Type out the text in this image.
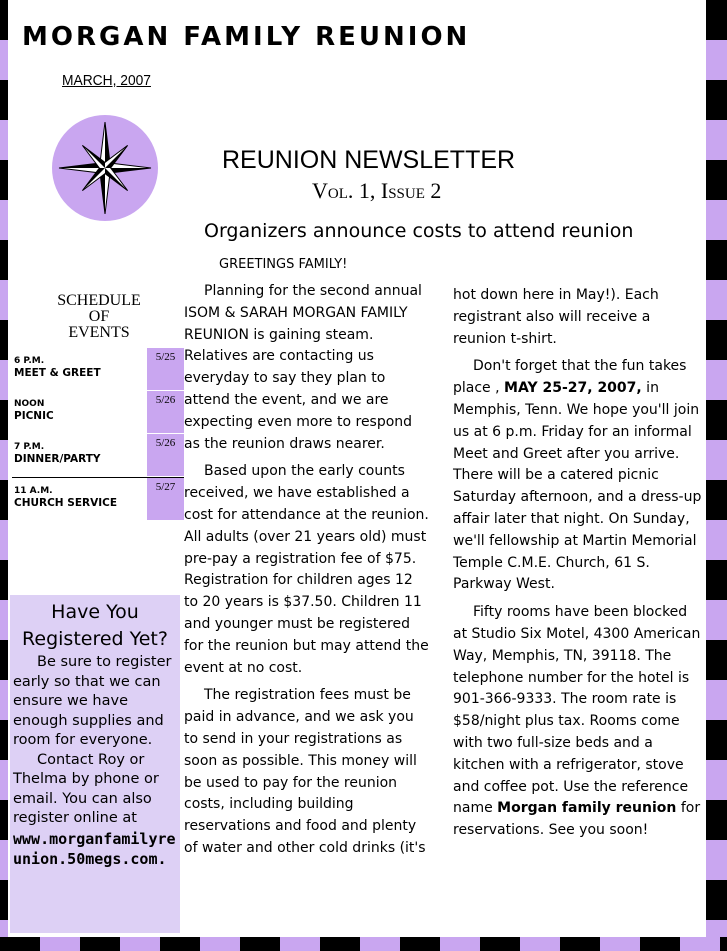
MORGAN FAMILY REUNION
MARCH, 2007
REUNION NEWSLETTER
Vol. 1, Issue 2
Organizers announce costs to attend reunion
GREETINGS FAMILY!
SCHEDULE
OF
EVENTS
6 P.M.
MEET & GREET
5/25
NOON
PICNIC
5/26
7 P.M.
DINNER/PARTY
5/26
11 A.M.
CHURCH SERVICE
5/27
Have You
Registered Yet?

Be sure to register early so that we can ensure we have enough supplies and room for everyone.

Contact Roy or Thelma by phone or email. You can also register online at

www.morganfamilyreunion.50megs.com.

Planning for the second annual ISOM & SARAH MORGAN FAMILY REUNION is gaining steam. Relatives are contacting us everyday to say they plan to attend the event, and we are expecting even more to respond as the reunion draws nearer.

Based upon the early counts received, we have established a cost for attendance at the reunion. All adults (over 21 years old) must pre-pay a registration fee of $75. Registration for children ages 12 to 20 years is $37.50. Children 11 and younger must be registered for the reunion but may attend the event at no cost.

The registration fees must be paid in advance, and we ask you to send in your registrations as soon as possible. This money will be used to pay for the reunion costs, including building reservations and food and plenty of water and other cold drinks (it's

hot down here in May!). Each registrant also will receive a reunion t-shirt.

Don't forget that the fun takes place , MAY 25-27, 2007, in Memphis, Tenn. We hope you'll join us at 6 p.m. Friday for an informal Meet and Greet after you arrive. There will be a catered picnic Saturday afternoon, and a dress-up affair later that night. On Sunday, we'll fellowship at Martin Memorial Temple C.M.E. Church, 61 S. Parkway West.

Fifty rooms have been blocked at Studio Six Motel, 4300 American Way, Memphis, TN, 39118. The telephone number for the hotel is 901-366-9333. The room rate is $58/night plus tax. Rooms come with two full-size beds and a kitchen with a refrigerator, stove and coffee pot. Use the reference name Morgan family reunion for reservations. See you soon!
